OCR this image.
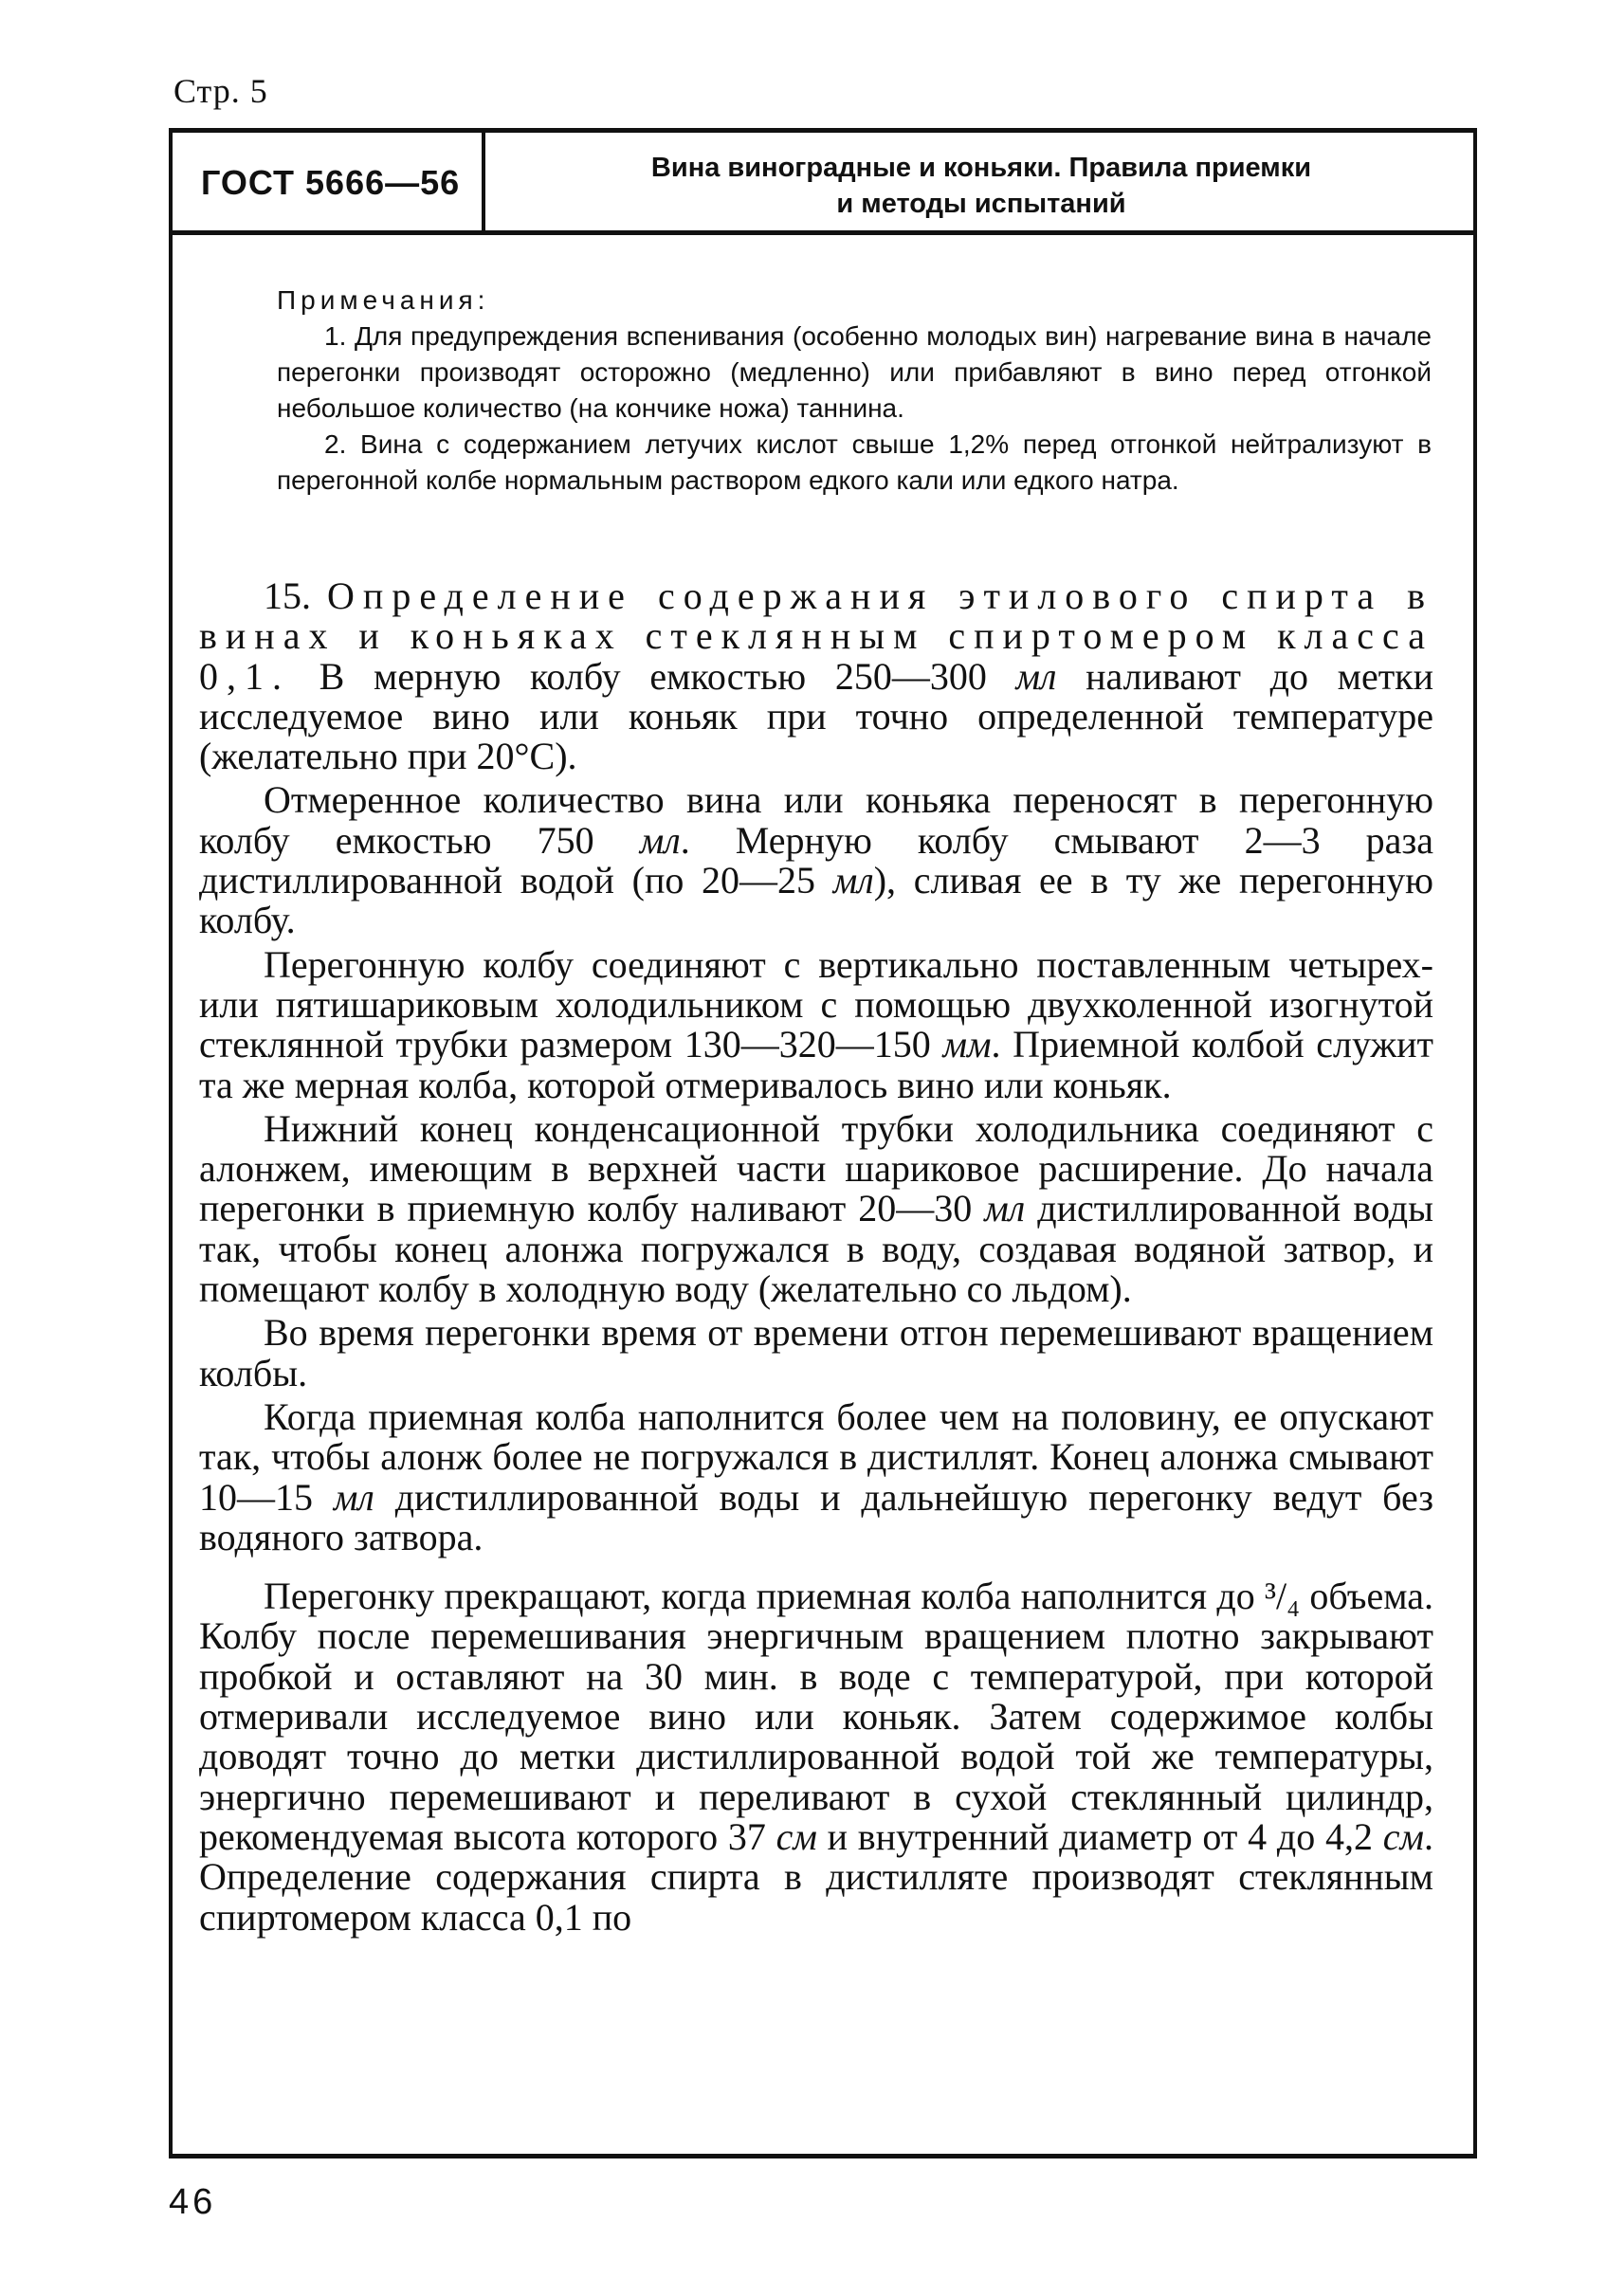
Стр. 5
ГОСТ 5666—56	Вина виноградные и коньяки. Правила приемки
и методы испытаний
Примечания:

1. Для предупреждения вспенивания (особенно молодых вин) нагревание вина в начале перегонки производят осторожно (медленно) или прибавляют в вино перед отгонкой небольшое количество (на кончике ножа) таннина.

2. Вина с содержанием летучих кислот свыше 1,2% перед отгонкой нейтрализуют в перегонной колбе нормальным раствором едкого кали или едкого натра.

15. Определение содержания этилового спирта в винах и коньяках стеклянным спиртомером класса 0,1. В мерную колбу емкостью 250—300 мл наливают до метки исследуемое вино или коньяк при точно определенной температуре (желательно при 20°С).

Отмеренное количество вина или коньяка переносят в перегонную колбу емкостью 750 мл. Мерную колбу смывают 2—3 раза дистиллированной водой (по 20—25 мл), сливая ее в ту же перегонную колбу.

Перегонную колбу соединяют с вертикально поставленным четырех- или пятишариковым холодильником с помощью двухколенной изогнутой стеклянной трубки размером 130—320—150 мм. Приемной колбой служит та же мерная колба, которой отмеривалось вино или коньяк.

Нижний конец конденсационной трубки холодильника соединяют с алонжем, имеющим в верхней части шариковое расширение. До начала перегонки в приемную колбу наливают 20—30 мл дистиллированной воды так, чтобы конец алонжа погружался в воду, создавая водяной затвор, и помещают колбу в холодную воду (желательно со льдом).

Во время перегонки время от времени отгон перемешивают вращением колбы.

Когда приемная колба наполнится более чем на половину, ее опускают так, чтобы алонж более не погружался в дистиллят. Конец алонжа смывают 10—15 мл дистиллированной воды и дальнейшую перегонку ведут без водяного затвора.

Перегонку прекращают, когда приемная колба наполнится до ³/₄ объема. Колбу после перемешивания энергичным вращением плотно закрывают пробкой и оставляют на 30 мин. в воде с температурой, при которой отмеривали исследуемое вино или коньяк. Затем содержимое колбы доводят точно до метки дистиллированной водой той же температуры, энергично перемешивают и переливают в сухой стеклянный цилиндр, рекомендуемая высота которого 37 см и внутренний диаметр от 4 до 4,2 см. Определение содержания спирта в дистилляте производят стеклянным спиртомером класса 0,1 по

46
